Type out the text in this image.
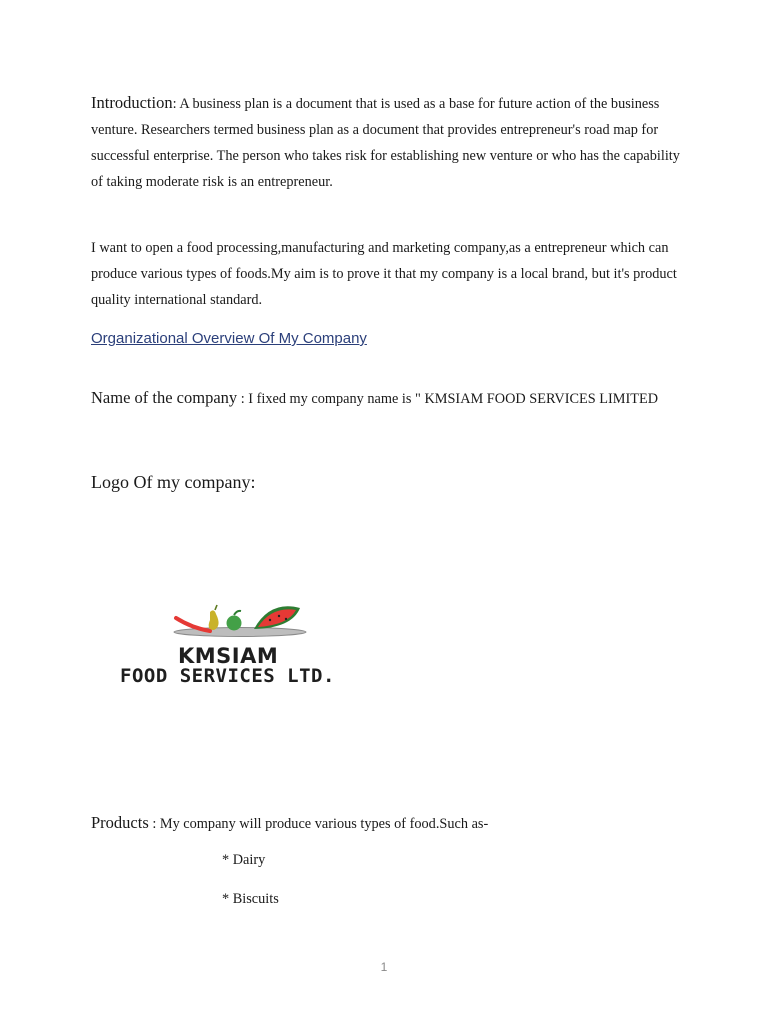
Introduction: A business plan is a document that is used as a base for future action of the business venture. Researchers termed business plan as a document that provides entrepreneur's road map for successful enterprise. The person who takes risk for establishing new venture or who has the capability of taking moderate risk is an entrepreneur.

I want to open a food processing,manufacturing and marketing company,as a entrepreneur which can produce various types of foods.My aim is to prove it that my company is a local brand, but it's product quality international standard.

Organizational Overview Of My Company

Name of the company : I fixed my company name is " KMSIAM FOOD SERVICES LIMITED

Logo Of my company:

KMSIAM
FOOD SERVICES LTD.

Products : My company will produce various types of food.Such as-

* Dairy

* Biscuits

1
